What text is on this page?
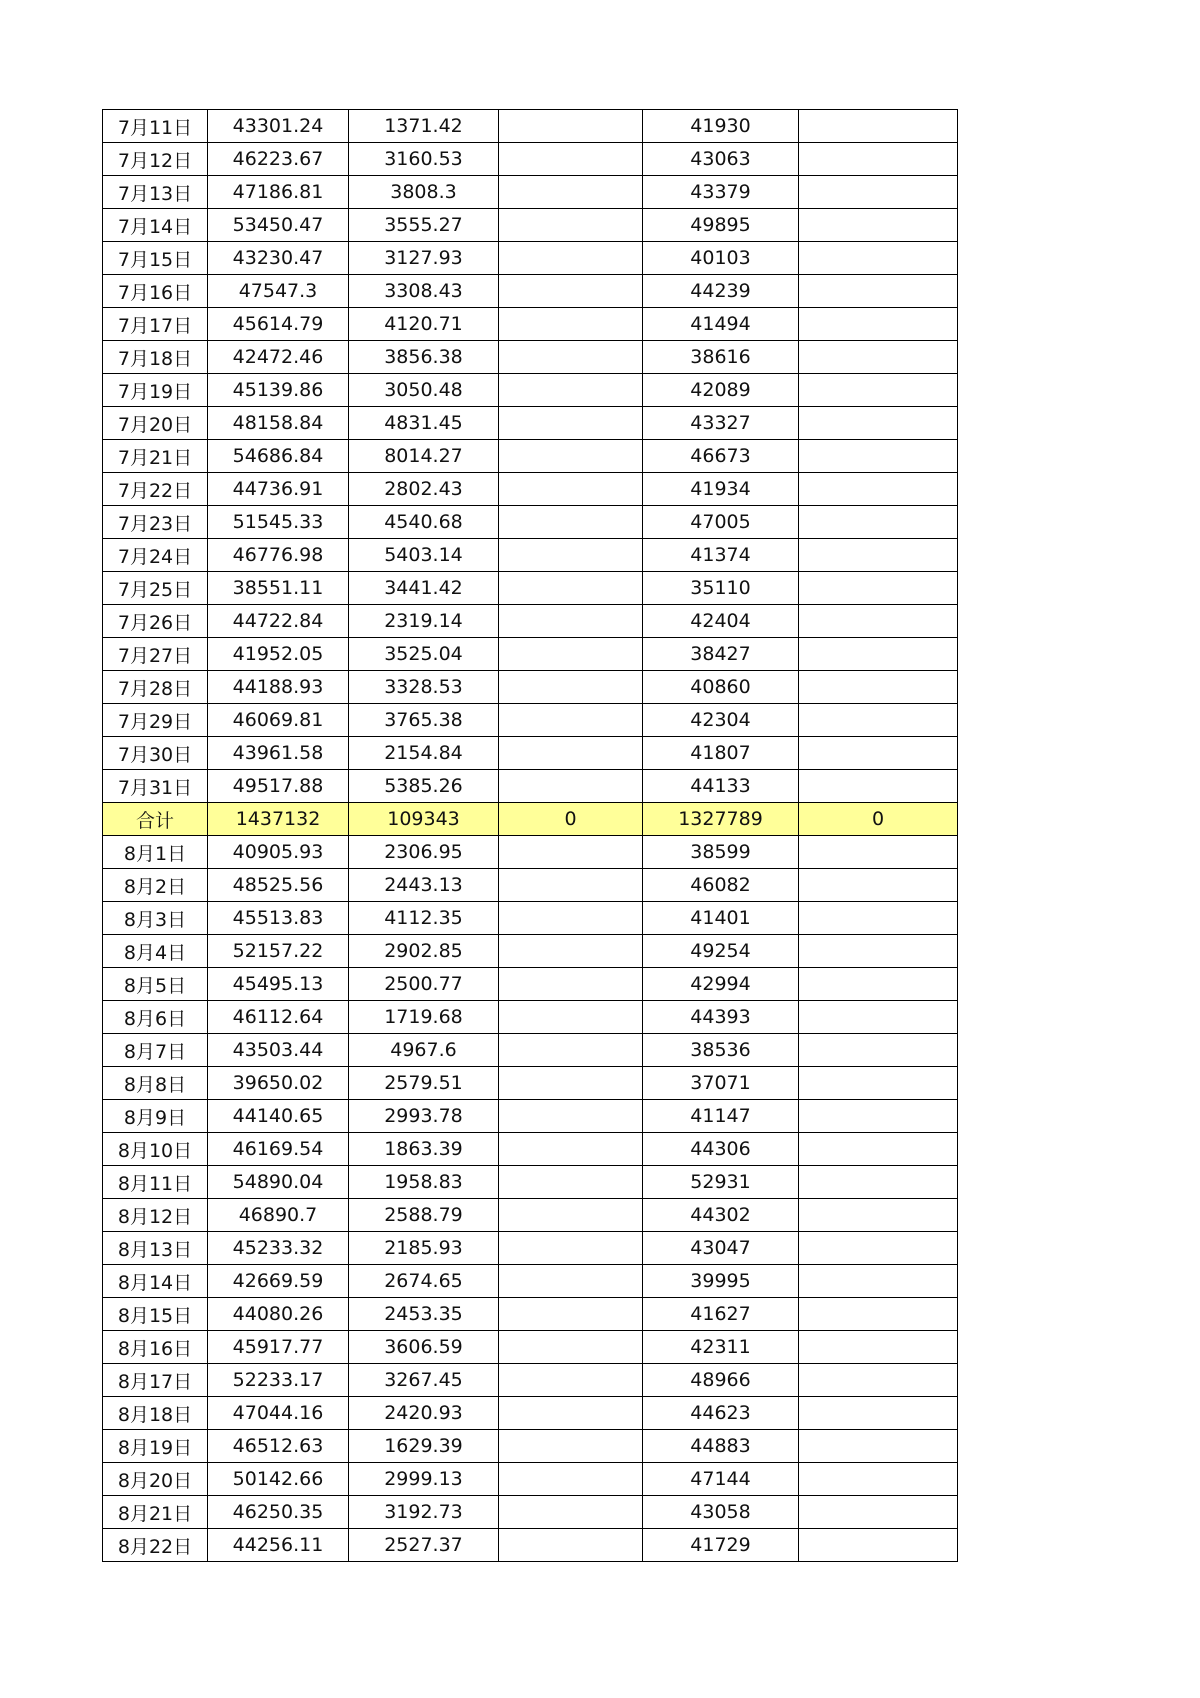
7月11日	43301.24	1371.42		41930	
7月12日	46223.67	3160.53		43063	
7月13日	47186.81	3808.3		43379	
7月14日	53450.47	3555.27		49895	
7月15日	43230.47	3127.93		40103	
7月16日	47547.3	3308.43		44239	
7月17日	45614.79	4120.71		41494	
7月18日	42472.46	3856.38		38616	
7月19日	45139.86	3050.48		42089	
7月20日	48158.84	4831.45		43327	
7月21日	54686.84	8014.27		46673	
7月22日	44736.91	2802.43		41934	
7月23日	51545.33	4540.68		47005	
7月24日	46776.98	5403.14		41374	
7月25日	38551.11	3441.42		35110	
7月26日	44722.84	2319.14		42404	
7月27日	41952.05	3525.04		38427	
7月28日	44188.93	3328.53		40860	
7月29日	46069.81	3765.38		42304	
7月30日	43961.58	2154.84		41807	
7月31日	49517.88	5385.26		44133	
合计	1437132	109343	0	1327789	0
8月1日	40905.93	2306.95		38599	
8月2日	48525.56	2443.13		46082	
8月3日	45513.83	4112.35		41401	
8月4日	52157.22	2902.85		49254	
8月5日	45495.13	2500.77		42994	
8月6日	46112.64	1719.68		44393	
8月7日	43503.44	4967.6		38536	
8月8日	39650.02	2579.51		37071	
8月9日	44140.65	2993.78		41147	
8月10日	46169.54	1863.39		44306	
8月11日	54890.04	1958.83		52931	
8月12日	46890.7	2588.79		44302	
8月13日	45233.32	2185.93		43047	
8月14日	42669.59	2674.65		39995	
8月15日	44080.26	2453.35		41627	
8月16日	45917.77	3606.59		42311	
8月17日	52233.17	3267.45		48966	
8月18日	47044.16	2420.93		44623	
8月19日	46512.63	1629.39		44883	
8月20日	50142.66	2999.13		47144	
8月21日	46250.35	3192.73		43058	
8月22日	44256.11	2527.37		41729	
